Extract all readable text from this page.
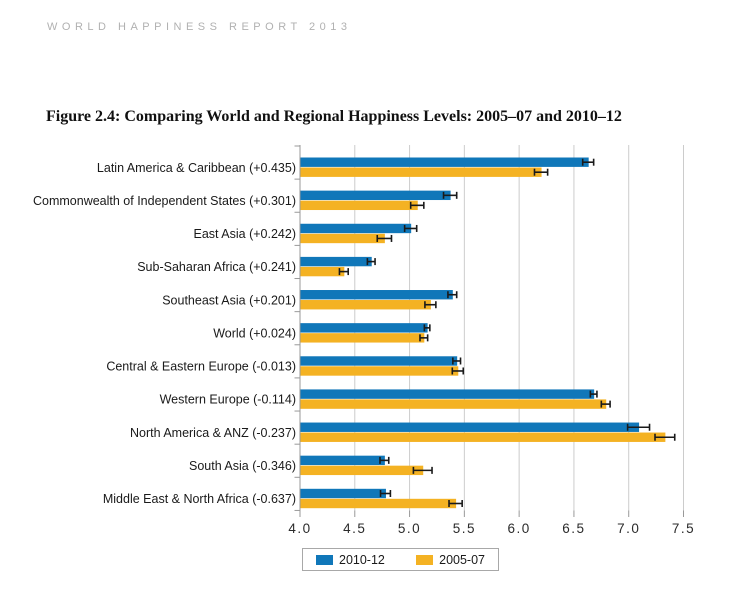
WORLD HAPPINESS REPORT 2013
Figure 2.4: Comparing World and Regional Happiness Levels: 2005–07 and 2010–12
4.0 4.5 5.0 5.5 6.0 6.5 7.0 7.5
Latin America & Caribbean (+0.435)
Commonwealth of Independent States (+0.301)
East Asia (+0.242)
Sub-Saharan Africa (+0.241)
Southeast Asia (+0.201)
World (+0.024)
Central & Eastern Europe (-0.013)
Western Europe (-0.114)
North America & ANZ (-0.237)
South Asia (-0.346)
Middle East & North Africa (-0.637)
2010-12	2005-07
